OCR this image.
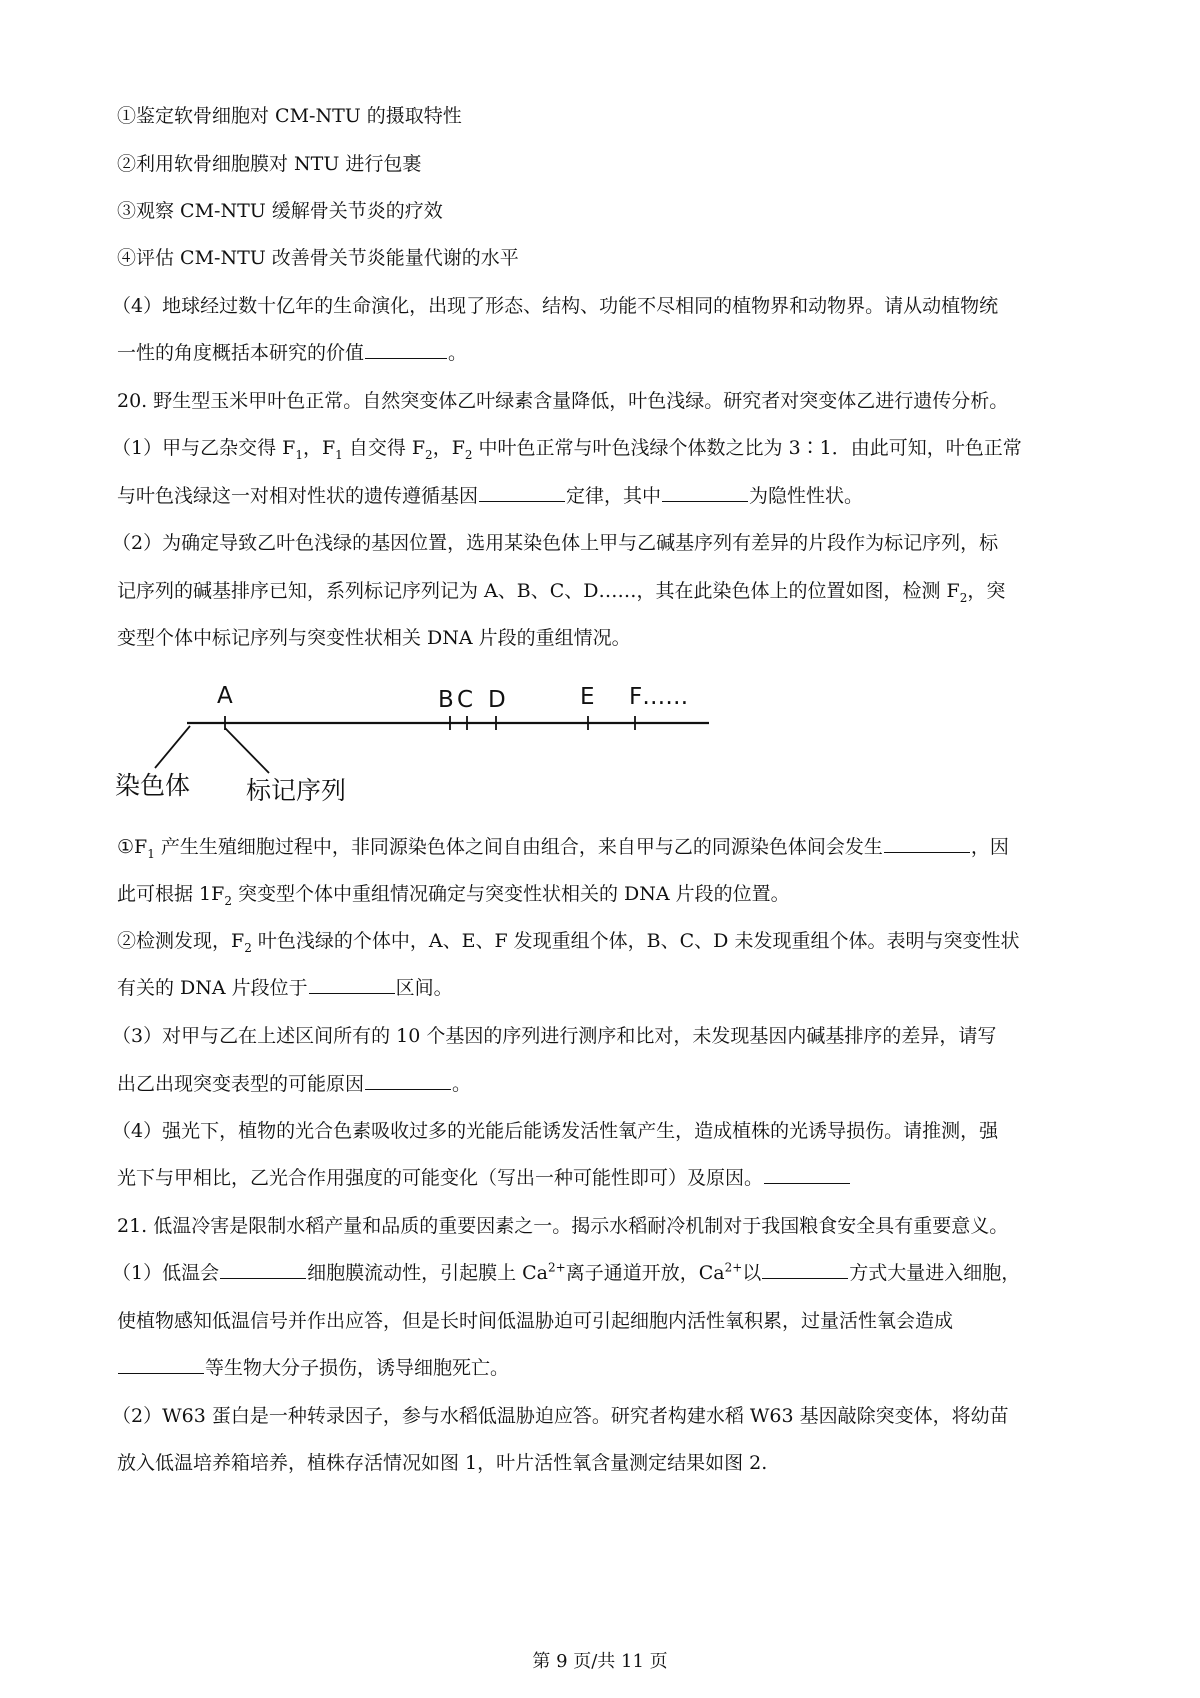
①鉴定软骨细胞对 CM-NTU 的摄取特性
②利用软骨细胞膜对 NTU 进行包裹
③观察 CM-NTU 缓解骨关节炎的疗效
④评估 CM-NTU 改善骨关节炎能量代谢的水平
（4）地球经过数十亿年的生命演化，出现了形态、结构、功能不尽相同的植物界和动物界。请从动植物统
一性的角度概括本研究的价值	。
20. 野生型玉米甲叶色正常。自然突变体乙叶绿素含量降低，叶色浅绿。研究者对突变体乙进行遗传分析。
（1）甲与乙杂交得 $F_1$，$F_1$ 自交得 $F_2$，$F_2$ 中叶色正常与叶色浅绿个体数之比为 3∶1．由此可知，叶色正常
与叶色浅绿这一对相对性状的遗传遵循基因	定律，其中	为隐性性状。
（2）为确定导致乙叶色浅绿的基因位置，选用某染色体上甲与乙碱基序列有差异的片段作为标记序列，标
记序列的碱基排序已知，系列标记序列记为 A、B、C、D……，其在此染色体上的位置如图，检测 $F_2$，突
变型个体中标记序列与突变性状相关 DNA 片段的重组情况。
A	B C D	E F……
染色体 标记序列
$①F_1$ 产生生殖细胞过程中，非同源染色体之间自由组合，来自甲与乙的同源染色体间会发生	，因
此可根据 $1F_2$ 突变型个体中重组情况确定与突变性状相关的 DNA 片段的位置。
②检测发现，$F_2$ 叶色浅绿的个体中，A、E、F 发现重组个体，B、C、D 未发现重组个体。表明与突变性状
有关的 DNA 片段位于	区间。
（3）对甲与乙在上述区间所有的 10 个基因的序列进行测序和比对，未发现基因内碱基排序的差异，请写
出乙出现突变表型的可能原因	。
（4）强光下，植物的光合色素吸收过多的光能后能诱发活性氧产生，造成植株的光诱导损伤。请推测，强
光下与甲相比，乙光合作用强度的可能变化（写出一种可能性即可）及原因。
21. 低温冷害是限制水稻产量和品质的重要因素之一。揭示水稻耐冷机制对于我国粮食安全具有重要意义。
（1）低温会	细胞膜流动性，引起膜上 $Ca^{2+}$离子通道开放，$Ca^{2+}$以	方式大量进入细胞，
使植物感知低温信号并作出应答，但是长时间低温胁迫可引起细胞内活性氧积累，过量活性氧会造成
等生物大分子损伤，诱导细胞死亡。
（2）W63 蛋白是一种转录因子，参与水稻低温胁迫应答。研究者构建水稻 W63 基因敲除突变体，将幼苗
放入低温培养箱培养，植株存活情况如图 1，叶片活性氧含量测定结果如图 2.
第 9 页/共 11 页
